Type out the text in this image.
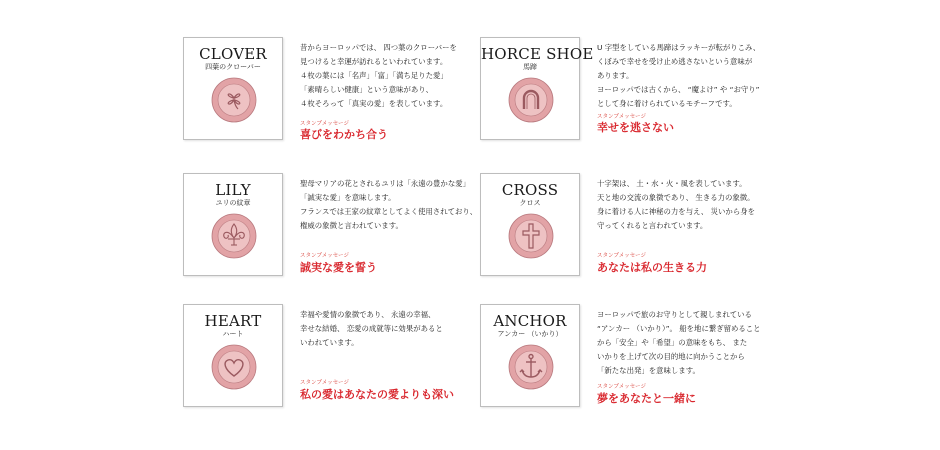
CLOVER
四葉のクローバー
昔からヨーロッパでは、 四つ葉のクローバーを
見つけると幸運が訪れるといわれています。
４枚の葉には「名声」「富」「満ち足りた愛」
「素晴らしい健康」という意味があり、
４枚そろって「真実の愛」を表しています。
スタンプメッセージ
喜びをわかち合う
HORCE SHOE
馬蹄
U 字型をしている馬蹄はラッキーが転がりこみ、
くぼみで幸せを受け止め逃さないという意味が
あります。
ヨーロッパでは古くから、 “魔よけ” や “お守り”
として身に着けられているモチーフです。
スタンプメッセージ
幸せを逃さない
LILY
ユリの紋章
聖母マリアの花とされるユリは「永遠の豊かな愛」
「誠実な愛」を意味します。
フランスでは王家の紋章としてよく使用されており、
権威の象徴と言われています。
スタンプメッセージ
誠実な愛を誓う
CROSS
クロス
十字架は、 土・水・火・風を表しています。
天と地の交流の象徴であり、 生きる力の象徴。
身に着ける人に神秘の力を与え、 災いから身を
守ってくれると言われています。
スタンプメッセージ
あなたは私の生きる力
HEART
ハート
幸福や愛情の象徴であり、 永遠の幸福、
幸せな結婚、 恋愛の成就等に効果があると
いわれています。
スタンプメッセージ
私の愛はあなたの愛よりも深い
ANCHOR
アンカー （いかり）
ヨーロッパで旅のお守りとして親しまれている
“アンカー （いかり）”。 船を地に繋ぎ留めること
から「安全」や「希望」の意味をもち、 また
いかりを上げて次の目的地に向かうことから
「新たな出発」を意味します。
スタンプメッセージ
夢をあなたと一緒に
